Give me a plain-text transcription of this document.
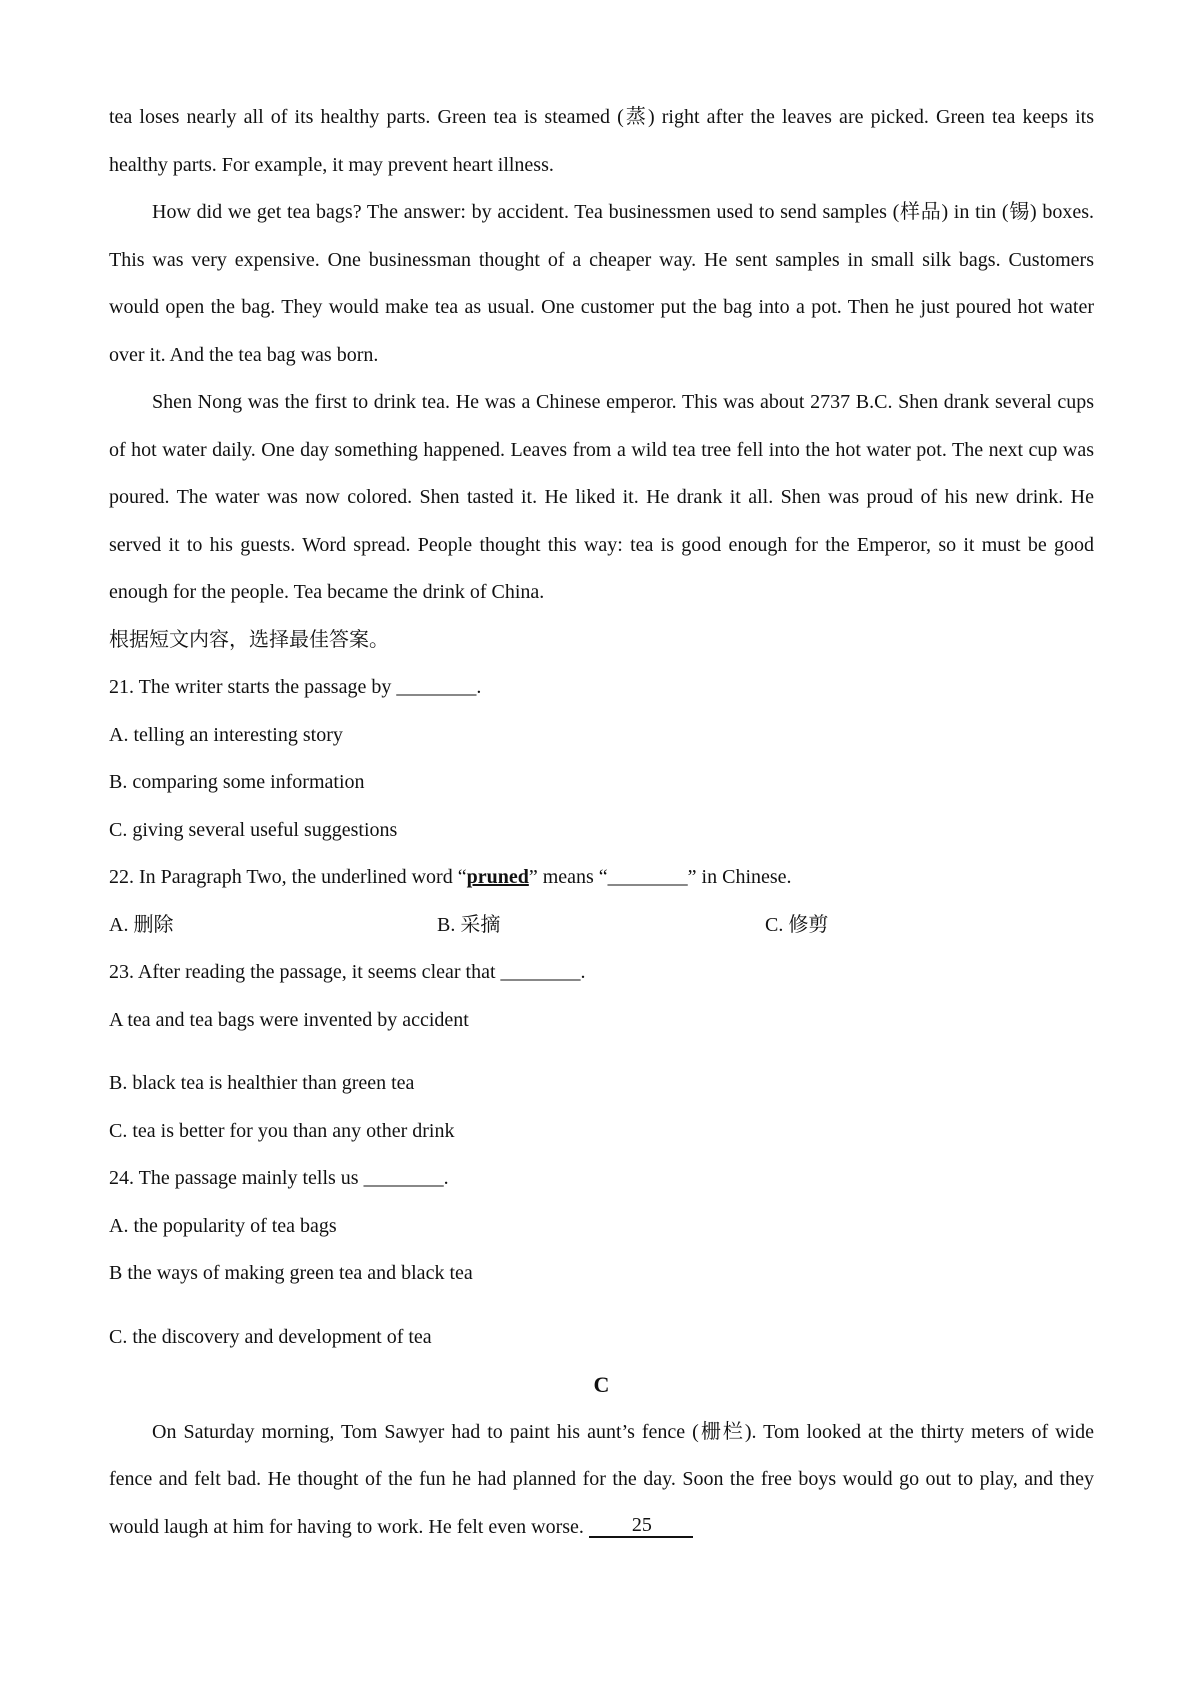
tea loses nearly all of its healthy parts. Green tea is steamed (蒸) right after the leaves are picked. Green tea keeps its healthy parts. For example, it may prevent heart illness.

How did we get tea bags? The answer: by accident. Tea businessmen used to send samples (样品) in tin (锡) boxes. This was very expensive. One businessman thought of a cheaper way. He sent samples in small silk bags. Customers would open the bag. They would make tea as usual. One customer put the bag into a pot. Then he just poured hot water over it. And the tea bag was born.

Shen Nong was the first to drink tea. He was a Chinese emperor. This was about 2737 B.C. Shen drank several cups of hot water daily. One day something happened. Leaves from a wild tea tree fell into the hot water pot. The next cup was poured. The water was now colored. Shen tasted it. He liked it. He drank it all. Shen was proud of his new drink. He served it to his guests. Word spread. People thought this way: tea is good enough for the Emperor, so it must be good enough for the people. Tea became the drink of China.

根据短文内容，选择最佳答案。

21. The writer starts the passage by ________.

A. telling an interesting story

B. comparing some information

C. giving several useful suggestions

22. In Paragraph Two, the underlined word “pruned” means “________” in Chinese.

A. 删除	B. 采摘	C. 修剪

23. After reading the passage, it seems clear that ________.

A tea and tea bags were invented by accident

B. black tea is healthier than green tea

C. tea is better for you than any other drink

24. The passage mainly tells us ________.

A. the popularity of tea bags

B the ways of making green tea and black tea

C. the discovery and development of tea

C

On Saturday morning, Tom Sawyer had to paint his aunt’s fence (栅栏). Tom looked at the thirty meters of wide fence and felt bad. He thought of the fun he had planned for the day. Soon the free boys would go out to play, and they would laugh at him for having to work. He felt even worse. 25
